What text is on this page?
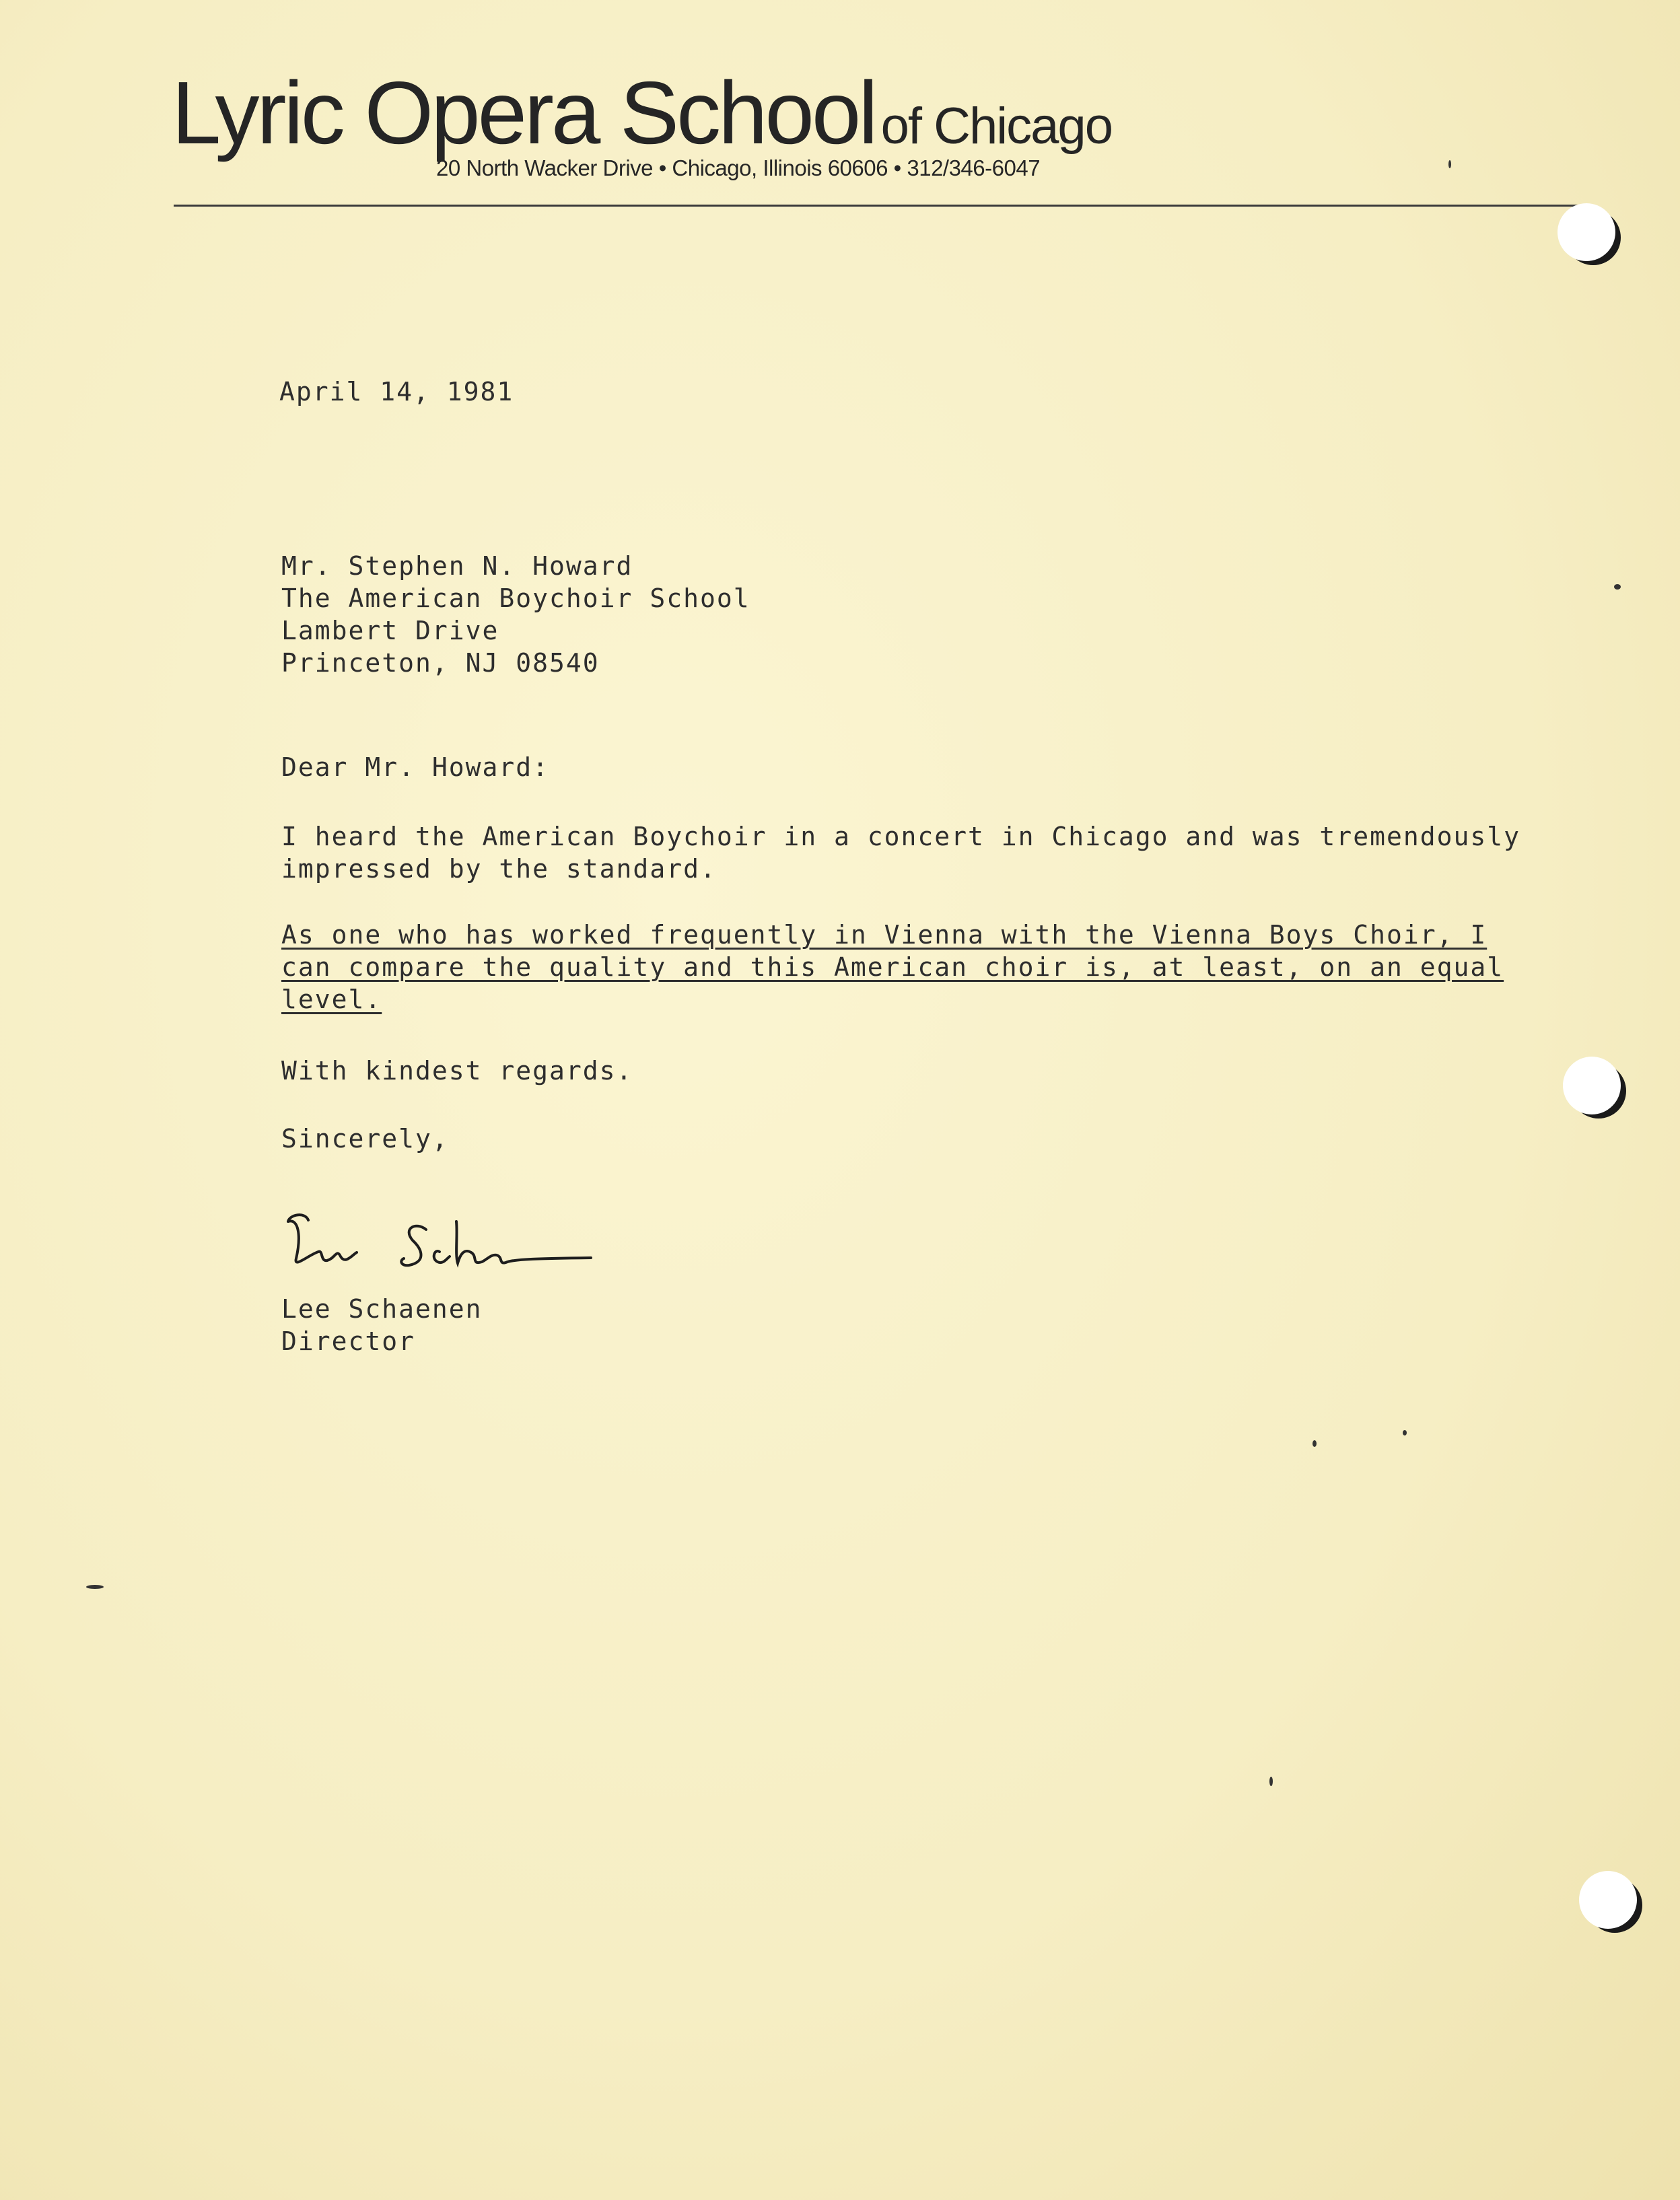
Lyric Opera School of Chicago
20 North Wacker Drive • Chicago, Illinois 60606 • 312/346-6047
April 14, 1981
Mr. Stephen N. Howard
The American Boychoir School
Lambert Drive
Princeton, NJ 08540
Dear Mr. Howard:
I heard the American Boychoir in a concert in Chicago and was tremendously
impressed by the standard.
As one who has worked frequently in Vienna with the Vienna Boys Choir, I
can compare the quality and this American choir is, at least, on an equal
level.
With kindest regards.
Sincerely,
Lee Scha
Lee Schaenen
Director
